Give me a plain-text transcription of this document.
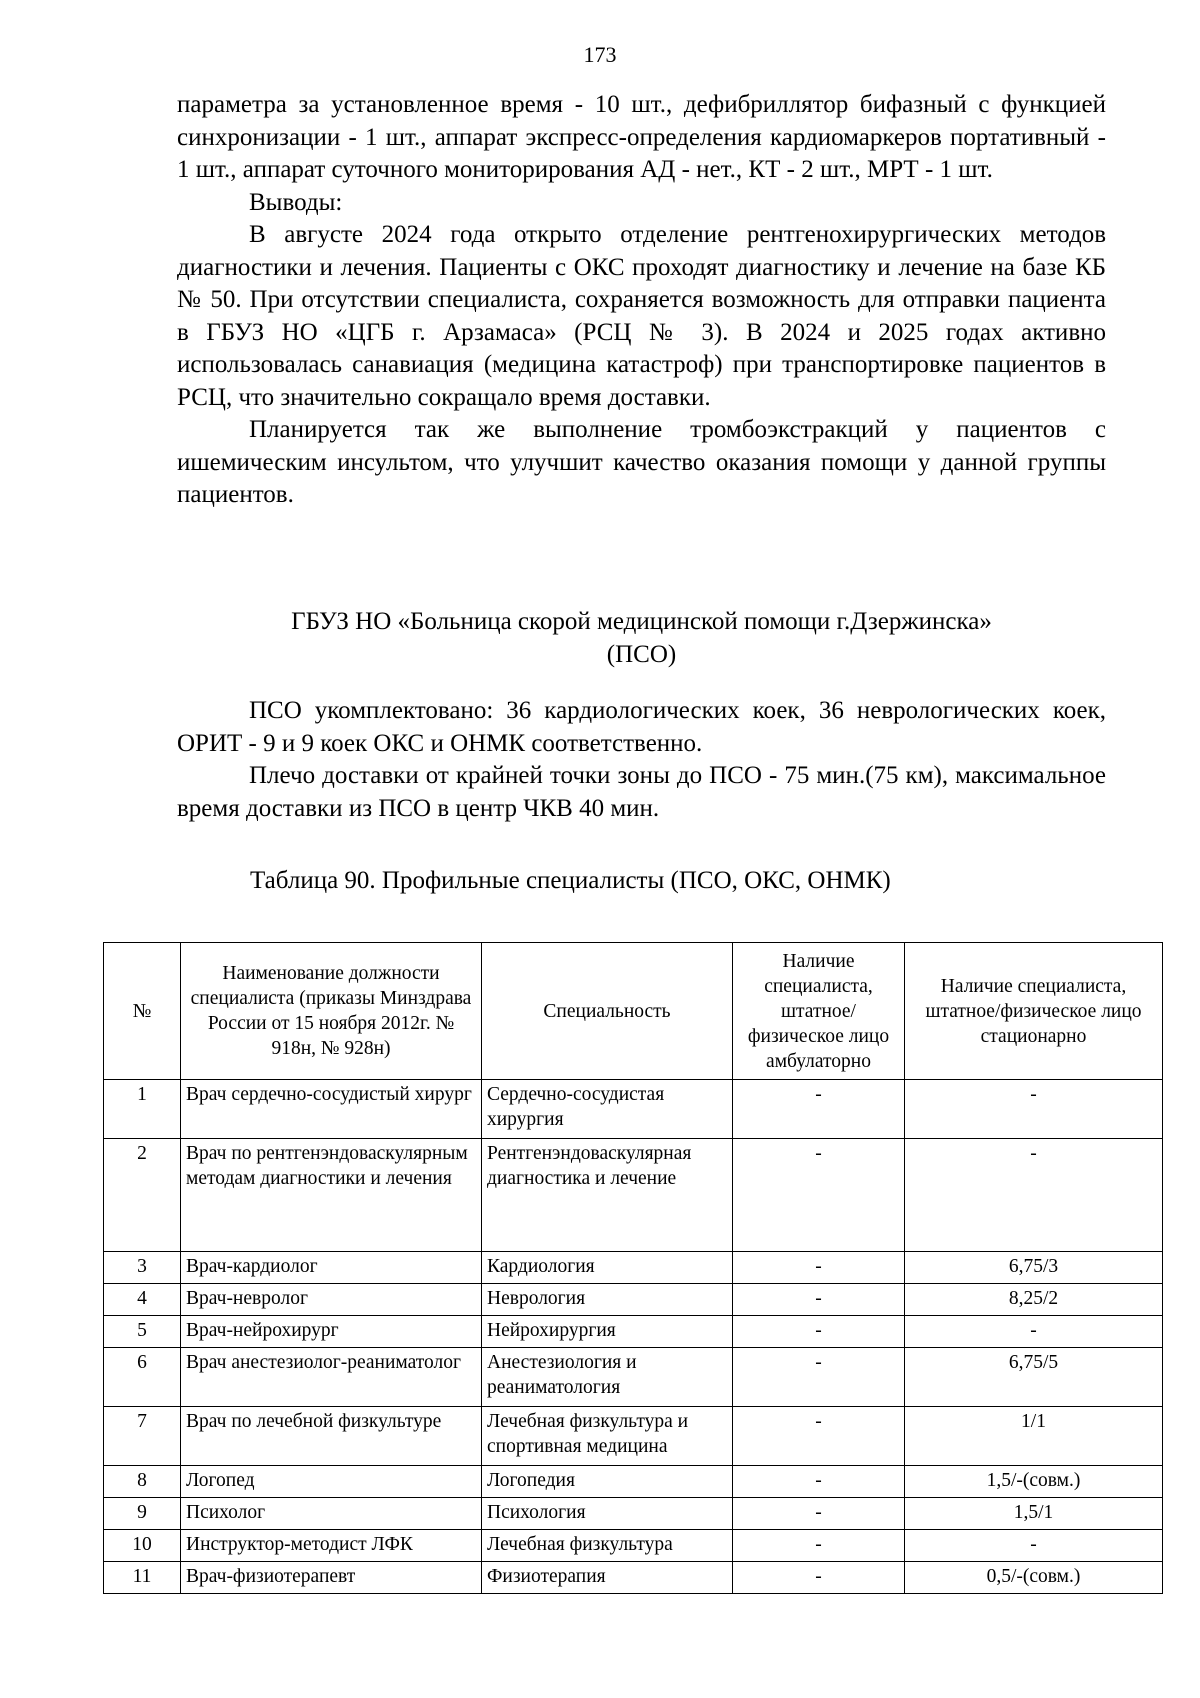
173

параметра за установленное время - 10 шт., дефибриллятор бифазный с функцией синхронизации - 1 шт., аппарат экспресс-определения кардиомаркеров портативный - 1 шт., аппарат суточного мониторирования АД - нет., КТ - 2 шт., МРТ - 1 шт.

Выводы:

В августе 2024 года открыто отделение рентгенохирургических методов диагностики и лечения. Пациенты с ОКС проходят диагностику и лечение на базе КБ № 50. При отсутствии специалиста, сохраняется возможность для отправки пациента в ГБУЗ НО «ЦГБ г. Арзамаса» (РСЦ № 3). В 2024 и 2025 годах активно использовалась санавиация (медицина катастроф) при транспортировке пациентов в РСЦ, что значительно сокращало время доставки.

Планируется так же выполнение тромбоэкстракций у пациентов с ишемическим инсультом, что улучшит качество оказания помощи у данной группы пациентов.

ГБУЗ НО «Больница скорой медицинской помощи г.Дзержинска»
(ПСО)

ПСО укомплектовано: 36 кардиологических коек, 36 неврологических коек, ОРИТ - 9 и 9 коек ОКС и ОНМК соответственно.

Плечо доставки от крайней точки зоны до ПСО - 75 мин.(75 км), максимальное время доставки из ПСО в центр ЧКВ 40 мин.

Таблица 90. Профильные специалисты (ПСО, ОКС, ОНМК)
№	Наименование должности специалиста (приказы Минздрава России от 15 ноября 2012г. № 918н, № 928н)	Специальность	Наличие специалиста, штатное/физическое лицо амбулаторно	Наличие специалиста, штатное/физическое лицо стационарно
1	Врач сердечно-сосудистый хирург	Сердечно-сосудистая хирургия	-	-
2	Врач по рентгенэндоваскулярным методам диагностики и лечения	Рентгенэндоваскулярная диагностика и лечение	-	-
3	Врач-кардиолог	Кардиология	-	6,75/3
4	Врач-невролог	Неврология	-	8,25/2
5	Врач-нейрохирург	Нейрохирургия	-	-
6	Врач анестезиолог-реаниматолог	Анестезиология и реаниматология	-	6,75/5
7	Врач по лечебной физкультуре	Лечебная физкультура и спортивная медицина	-	1/1
8	Логопед	Логопедия	-	1,5/-(совм.)
9	Психолог	Психология	-	1,5/1
10	Инструктор-методист ЛФК	Лечебная физкультура	-	-
11	Врач-физиотерапевт	Физиотерапия	-	0,5/-(совм.)
